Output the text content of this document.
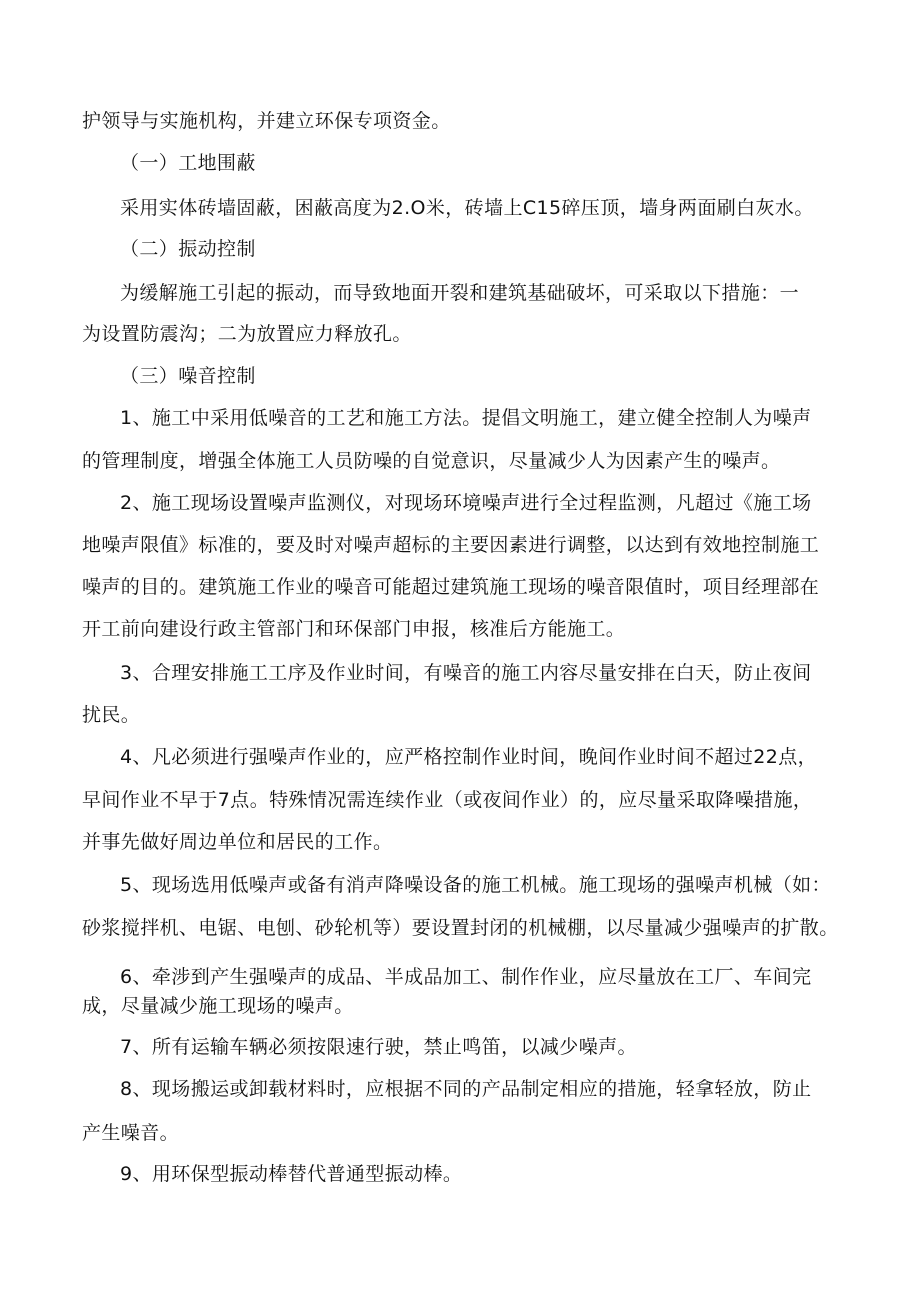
护领导与实施机构，并建立环保专项资金。
（一）工地围蔽
采用实体砖墙固蔽，困蔽高度为2.O米，砖墙上C15碎压顶，墙身两面刷白灰水。
（二）振动控制
为缓解施工引起的振动，而导致地面开裂和建筑基础破坏，可采取以下措施：一
为设置防震沟；二为放置应力释放孔。
（三）噪音控制
1、施工中采用低噪音的工艺和施工方法。提倡文明施工，建立健全控制人为噪声
的管理制度，增强全体施工人员防噪的自觉意识，尽量减少人为因素产生的噪声。
2、施工现场设置噪声监测仪，对现场环境噪声进行全过程监测，凡超过《施工场
地噪声限值》标准的，要及时对噪声超标的主要因素进行调整，以达到有效地控制施工
噪声的目的。建筑施工作业的噪音可能超过建筑施工现场的噪音限值时，项目经理部在
开工前向建设行政主管部门和环保部门申报，核准后方能施工。
3、合理安排施工工序及作业时间，有噪音的施工内容尽量安排在白天，防止夜间
扰民。
4、凡必须进行强噪声作业的，应严格控制作业时间，晚间作业时间不超过22点，
早间作业不早于7点。特殊情况需连续作业（或夜间作业）的，应尽量采取降噪措施，
并事先做好周边单位和居民的工作。
5、现场选用低噪声或备有消声降噪设备的施工机械。施工现场的强噪声机械（如：
砂浆搅拌机、电锯、电刨、砂轮机等）要设置封闭的机械棚，以尽量减少强噪声的扩散。
6、牵涉到产生强噪声的成品、半成品加工、制作作业，应尽量放在工厂、车间完
成，尽量减少施工现场的噪声。
7、所有运输车辆必须按限速行驶，禁止鸣笛，以减少噪声。
8、现场搬运或卸载材料时，应根据不同的产品制定相应的措施，轻拿轻放，防止
产生噪音。
9、用环保型振动棒替代普通型振动棒。
